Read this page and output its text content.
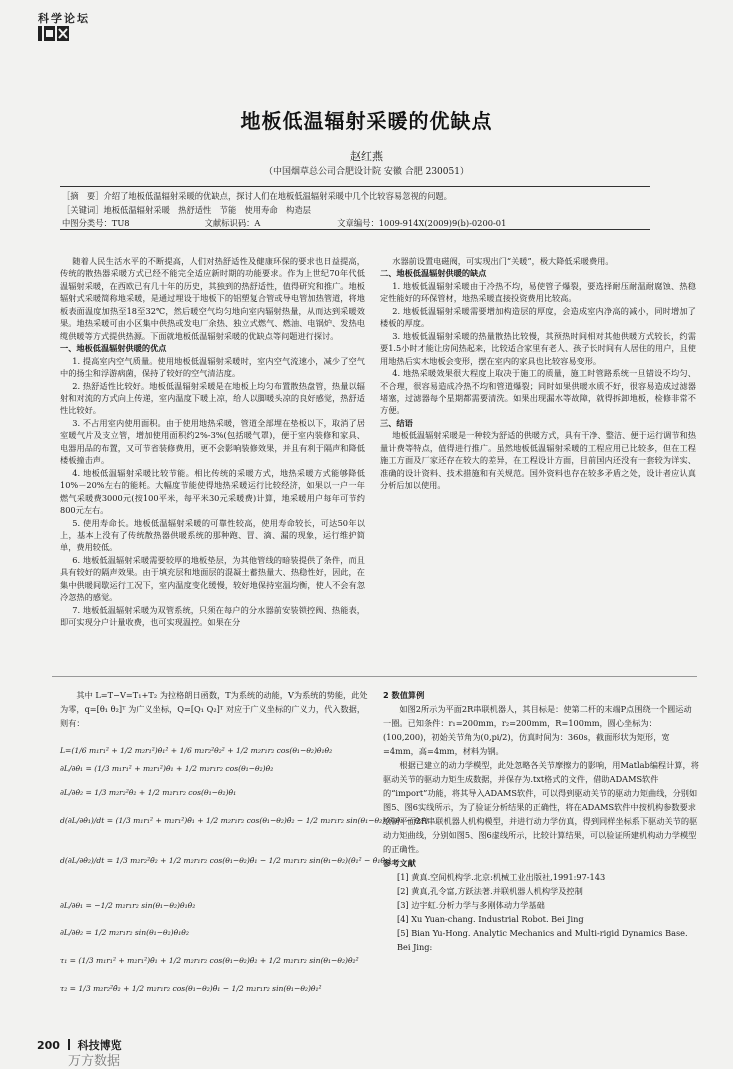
科学论坛
地板低温辐射采暖的优缺点
赵红燕
（中国烟草总公司合肥设计院 安徽 合肥 230051）

［摘　要］介绍了地板低温辐射采暖的优缺点，探讨人们在地板低温辐射采暖中几个比较容易忽视的问题。

［关键词］地板低温辐射采暖　热舒适性　节能　使用寿命　构造层

中图分类号：TU8	文献标识码：A	文章编号：1009-914X(2009)9(b)-0200-01

随着人民生活水平的不断提高，人们对热舒适性及健康环保的要求也日益提高，传统的散热器采暖方式已经不能完全适应新时期的功能要求。作为上世纪70年代低温辐射采暖，在西欧已有几十年的历史，其独到的热舒适性，值得研究和推广。地板辐射式采暖简称地采暖，是通过埋设于地板下的铝塑复合管或导电管加热管道，将地板表面温度加热至18至32℃，然后暖空气均匀地向室内辐射热量，从而达到采暖效果。地热采暖可由小区集中供热或发电厂余热、独立式燃气、燃油、电锅炉、发热电缆供暖等方式提供热源。下面就地板低温辐射采暖的优缺点等问题进行探讨。

一、地板低温辐射供暖的优点

1. 提高室内空气质量。使用地板低温辐射采暖时，室内空气流速小，减少了空气中的扬尘和浮游病菌，保持了较好的空气清洁度。

2. 热舒适性比较好。地板低温辐射采暖是在地板上均匀布置散热盘管，热量以辐射和对流的方式向上传递，室内温度下暖上凉，给人以脚暖头凉的良好感觉，热舒适性比较好。

3. 不占用室内使用面积。由于使用地热采暖，管道全部埋在垫板以下，取消了居室暖气片及支立管，增加使用面积约2%-3%(包括暖气罩)，便于室内装修和家具、电器用品的布置，又可节省装修费用，更不会影响装修效果，并且有利于隔声和降低楼板撞击声。

4. 地板低温辐射采暖比较节能。相比传统的采暖方式，地热采暖方式能够降低10%－20%左右的能耗。大幅度节能使得地热采暖运行比较经济，如果以一户一年燃气采暖费3000元(按100平米，每平米30元采暖费)计算，地采暖用户每年可节约800元左右。

5. 使用寿命长。地板低温辐射采暖的可靠性较高，使用寿命较长，可达50年以上，基本上没有了传统散热器供暖系统的那种跑、冒、滴、漏的现象，运行维护简单，费用较低。

6. 地板低温辐射采暖需要较厚的地板垫层，为其他管线的暗装提供了条件，而且具有较好的隔声效果。由于填充层和地面层的混凝土蓄热量大、热稳性好，因此，在集中供暖间歇运行工况下，室内温度变化缓慢，较好地保持室温均衡，使人不会有忽冷忽热的感觉。

7. 地板低温辐射采暖为双管系统，只须在每户的分水器前安装锁控阀、热能表，即可实现分户计量收费，也可实现温控。如果在分

水器前设置电磁阀，可实现出门“关暖”，极大降低采暖费用。

二、地板低温辐射供暖的缺点

1. 地板低温辐射采暖由于冷热不均，易使管子爆裂，要选择耐压耐温耐腐蚀、热稳定性能好的环保管材，地热采暖直接投资费用比较高。

2. 地板低温辐射采暖需要增加构造层的厚度，会造成室内净高的减小，同时增加了楼板的厚度。

3. 地板低温辐射采暖的热量散热比较慢，其预热时间相对其他供暖方式较长，约需要1.5小时才能让房间热起来，比较适合家里有老人、孩子长时间有人居住的用户，且使用地热后实木地板会变形，摆在室内的家具也比较容易变形。

4. 地热采暖效果很大程度上取决于施工的质量，施工时管路系统一旦错设不均匀、不合理，很容易造成冷热不均和管道爆裂；同时如果供暖水质不好，很容易造成过滤器堵塞，过滤器每个星期都需要清洗。如果出现漏水等故障，就得拆卸地板，检修非常不方便。

三、结语

地板低温辐射采暖是一种较为舒适的供暖方式，具有干净、整洁、便于运行调节和热量计费等特点，值得进行推广。虽然地板低温辐射采暖的工程应用已比较多，但在工程施工方面及厂家还存在较大的差异，在工程设计方面，目前国内还没有一套较为详实、准确的设计资料、技术措施和有关规范。国外资料也存在较多矛盾之处，设计者应认真分析后加以使用。

其中 L=T−V=T₁+T₂ 为拉格朗日函数，T为系统的动能，V为系统的势能，此处为零，q=[θ₁ θ₂]ᵀ 为广义坐标，Q=[Q₁ Q₂]ᵀ 对应于广义坐标的广义力，代入数据，则有：

L=(1/6 m₁r₁² + 1/2 m₂r₁²)θ̇₁² + 1/6 m₂r₂²θ̇₂² + 1/2 m₂r₁r₂ cos(θ₁−θ₂)θ̇₁θ̇₂
∂L/∂θ̇₁ = (1/3 m₁r₁² + m₂r₁²)θ̇₁ + 1/2 m₂r₁r₂ cos(θ₁−θ₂)θ̇₂
∂L/∂θ̇₂ = 1/3 m₂r₂²θ̇₂ + 1/2 m₂r₁r₂ cos(θ₁−θ₂)θ̇₁
d(∂L/∂θ̇₁)/dt = (1/3 m₁r₁² + m₂r₁²)θ̈₁ + 1/2 m₂r₁r₂ cos(θ₁−θ₂)θ̈₂ − 1/2 m₂r₁r₂ sin(θ₁−θ₂)(θ̇₁θ̇₂ − θ̇₂²)
d(∂L/∂θ̇₂)/dt = 1/3 m₂r₂²θ̈₂ + 1/2 m₂r₁r₂ cos(θ₁−θ₂)θ̈₁ − 1/2 m₂r₁r₂ sin(θ₁−θ₂)(θ̇₁² − θ̇₁θ̇₂)
∂L/∂θ₁ = −1/2 m₂r₁r₂ sin(θ₁−θ₂)θ̇₁θ̇₂
∂L/∂θ₂ = 1/2 m₂r₁r₂ sin(θ₁−θ₂)θ̇₁θ̇₂
τ₁ = (1/3 m₁r₁² + m₂r₁²)θ̈₁ + 1/2 m₂r₁r₂ cos(θ₁−θ₂)θ̈₂ + 1/2 m₂r₁r₂ sin(θ₁−θ₂)θ̇₂²
τ₂ = 1/3 m₂r₂²θ̈₂ + 1/2 m₂r₁r₂ cos(θ₁−θ₂)θ̈₁ − 1/2 m₂r₁r₂ sin(θ₁−θ₂)θ̇₁²

2 数值算例

如图2所示为平面2R串联机器人，其目标是：使第二杆的末端P点围绕一个圆运动一圈。已知条件：r₁=200mm，r₂=200mm，R=100mm，圆心坐标为：(100,200)，初始关节角为(0,pi/2)，仿真时间为：360s，截面形状为矩形，宽=4mm，高=4mm，材料为钢。

根据已建立的动力学模型，此处忽略各关节摩擦力的影响，用Matlab编程计算，将驱动关节的驱动力矩生成数据，并保存为.txt格式的文件，借助ADAMS软件的“import”功能，将其导入ADAMS软件，可以得到驱动关节的驱动力矩曲线，分别如图5、图6实线所示，为了验证分析结果的正确性，将在ADAMS软件中按机构参数要求绘制平面2R串联机器人机构模型，并进行动力学仿真，得到同样坐标系下驱动关节的驱动力矩曲线，分别如图5、图6虚线所示，比较计算结果，可以验证所建机构动力学模型的正确性。

参考文献

[1] 黄真.空间机构学.北京:机械工业出版社,1991:97-143

[2] 黄真,孔令富,方跃法著.并联机器人机构学及控制

[3] 边宇虹.分析力学与多刚体动力学基础

[4] Xu Yuan-chang. Industrial Robot. Bei Jing

[5] Bian Yu-Hong. Analytic Mechanics and Multi-rigid Dynamics Base. Bei Jing:

200 科技博览
万方数据
